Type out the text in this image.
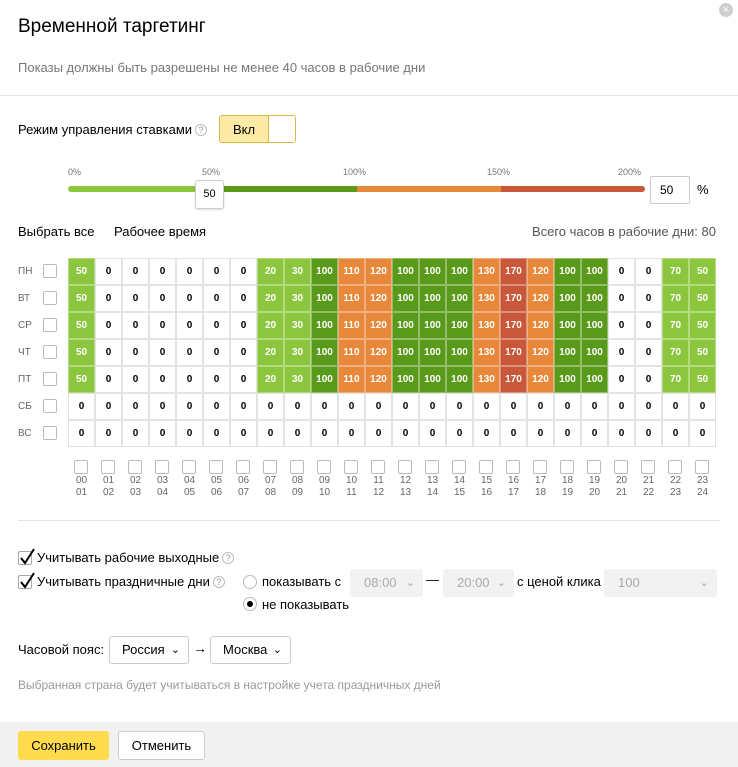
×
Временной таргетинг
Показы должны быть разрешены не менее 40 часов в рабочие дни
Режим управления ставками ?	Вкл
0%	50%	100%	150%	200%
50
50	%
Выбрать все Рабочее время	Всего часов в рабочие дни: 80
ПН	50	0	0	0	0	0	0	20	30	100	110	120	100	100	100	130	170	120	100	100	0	0	70	50
ВТ	50	0	0	0	0	0	0	20	30	100	110	120	100	100	100	130	170	120	100	100	0	0	70	50
СР	50	0	0	0	0	0	0	20	30	100	110	120	100	100	100	130	170	120	100	100	0	0	70	50
ЧТ	50	0	0	0	0	0	0	20	30	100	110	120	100	100	100	130	170	120	100	100	0	0	70	50
ПТ	50	0	0	0	0	0	0	20	30	100	110	120	100	100	100	130	170	120	100	100	0	0	70	50
СБ	0	0	0	0	0	0	0	0	0	0	0	0	0	0	0	0	0	0	0	0	0	0	0	0
ВС	0	0	0	0	0	0	0	0	0	0	0	0	0	0	0	0	0	0	0	0	0	0	0	0
00
01
01
02
02
03
03
04
04
05
05
06
06
07
07
08
08
09
09
10
10
11
11
12
12
13
13
14
14
15
15
16
16
17
17
18
18
19
19
20
20
21
21
22
22
23
23
24
Учитывать рабочие выходные ?
Учитывать праздничные дни ?	показывать с	08:00 ⌄ —	20:00 ⌄ с ценой клика	100	⌄
не показывать
Часовой пояс:	Россия ⌄ →	Москва ⌄
Выбранная страна будет учитываться в настройке учета праздничных дней
Сохранить	Отменить
